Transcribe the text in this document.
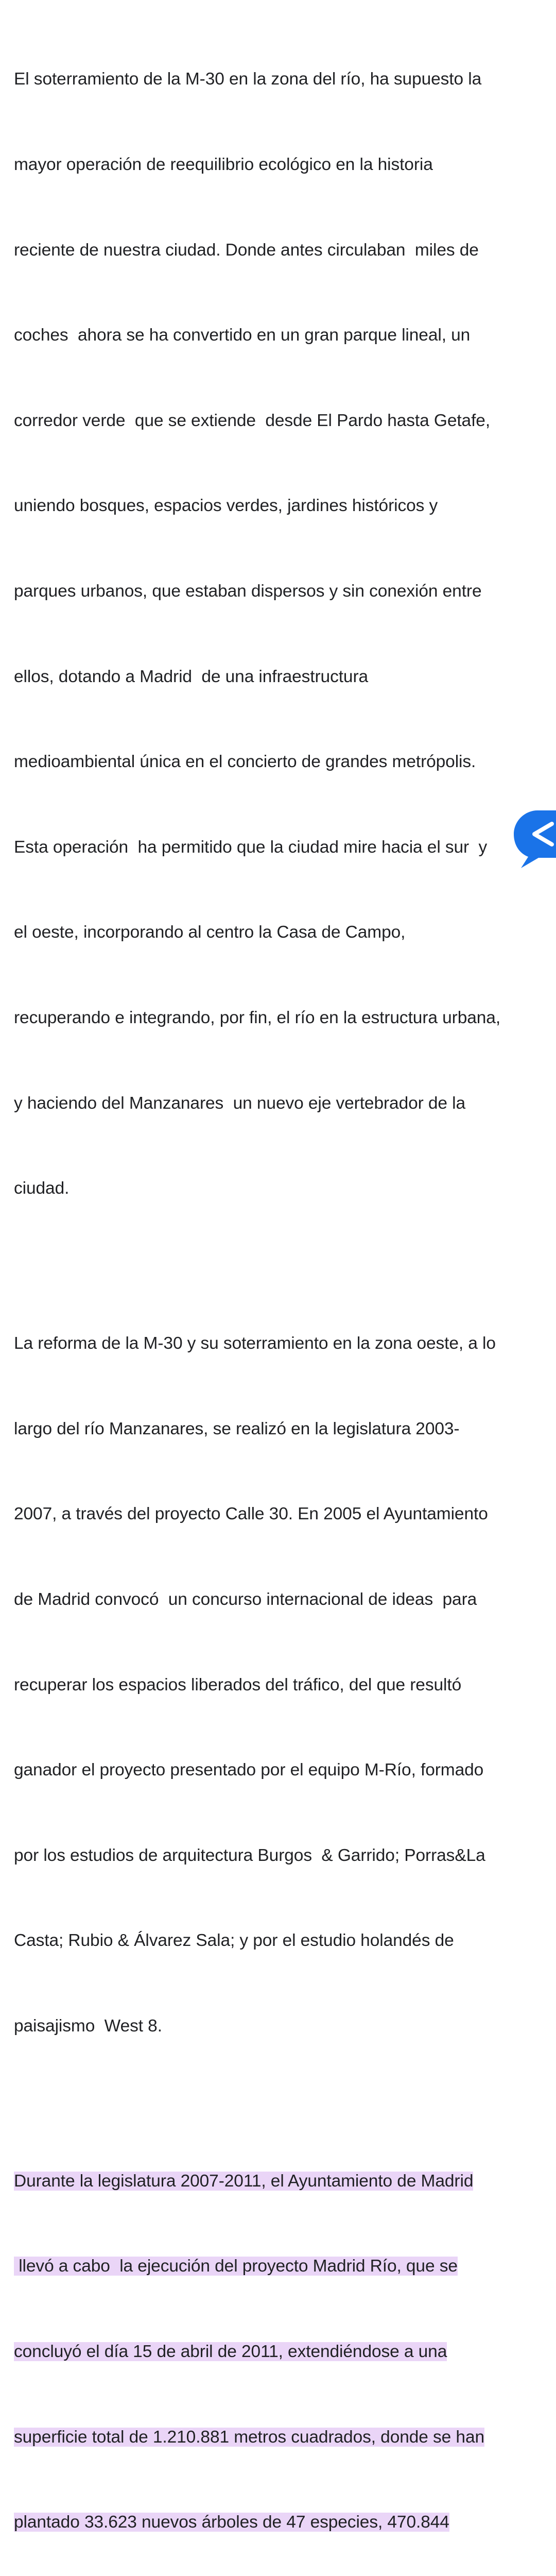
El soterramiento de la M-30 en la zona del río, ha supuesto la

mayor operación de reequilibrio ecológico en la historia

reciente de nuestra ciudad. Donde antes circulaban  miles de

coches  ahora se ha convertido en un gran parque lineal, un

corredor verde  que se extiende  desde El Pardo hasta Getafe,

uniendo bosques, espacios verdes, jardines históricos y

parques urbanos, que estaban dispersos y sin conexión entre

ellos, dotando a Madrid  de una infraestructura

medioambiental única en el concierto de grandes metrópolis.

Esta operación  ha permitido que la ciudad mire hacia el sur  y

el oeste, incorporando al centro la Casa de Campo,

recuperando e integrando, por fin, el río en la estructura urbana,

y haciendo del Manzanares  un nuevo eje vertebrador de la

ciudad.

La reforma de la M-30 y su soterramiento en la zona oeste, a lo

largo del río Manzanares, se realizó en la legislatura 2003-

2007, a través del proyecto Calle 30. En 2005 el Ayuntamiento

de Madrid convocó  un concurso internacional de ideas  para

recuperar los espacios liberados del tráfico, del que resultó

ganador el proyecto presentado por el equipo M-Río, formado

por los estudios de arquitectura Burgos  & Garrido; Porras&La

Casta; Rubio & Álvarez Sala; y por el estudio holandés de

paisajismo  West 8.

Durante la legislatura 2007-2011, el Ayuntamiento de Madrid

llevó a cabo  la ejecución del proyecto Madrid Río, que se

concluyó el día 15 de abril de 2011, extendiéndose a una

superficie total de 1.210.881 metros cuadrados, donde se han

plantado 33.623 nuevos árboles de 47 especies, 470.844
